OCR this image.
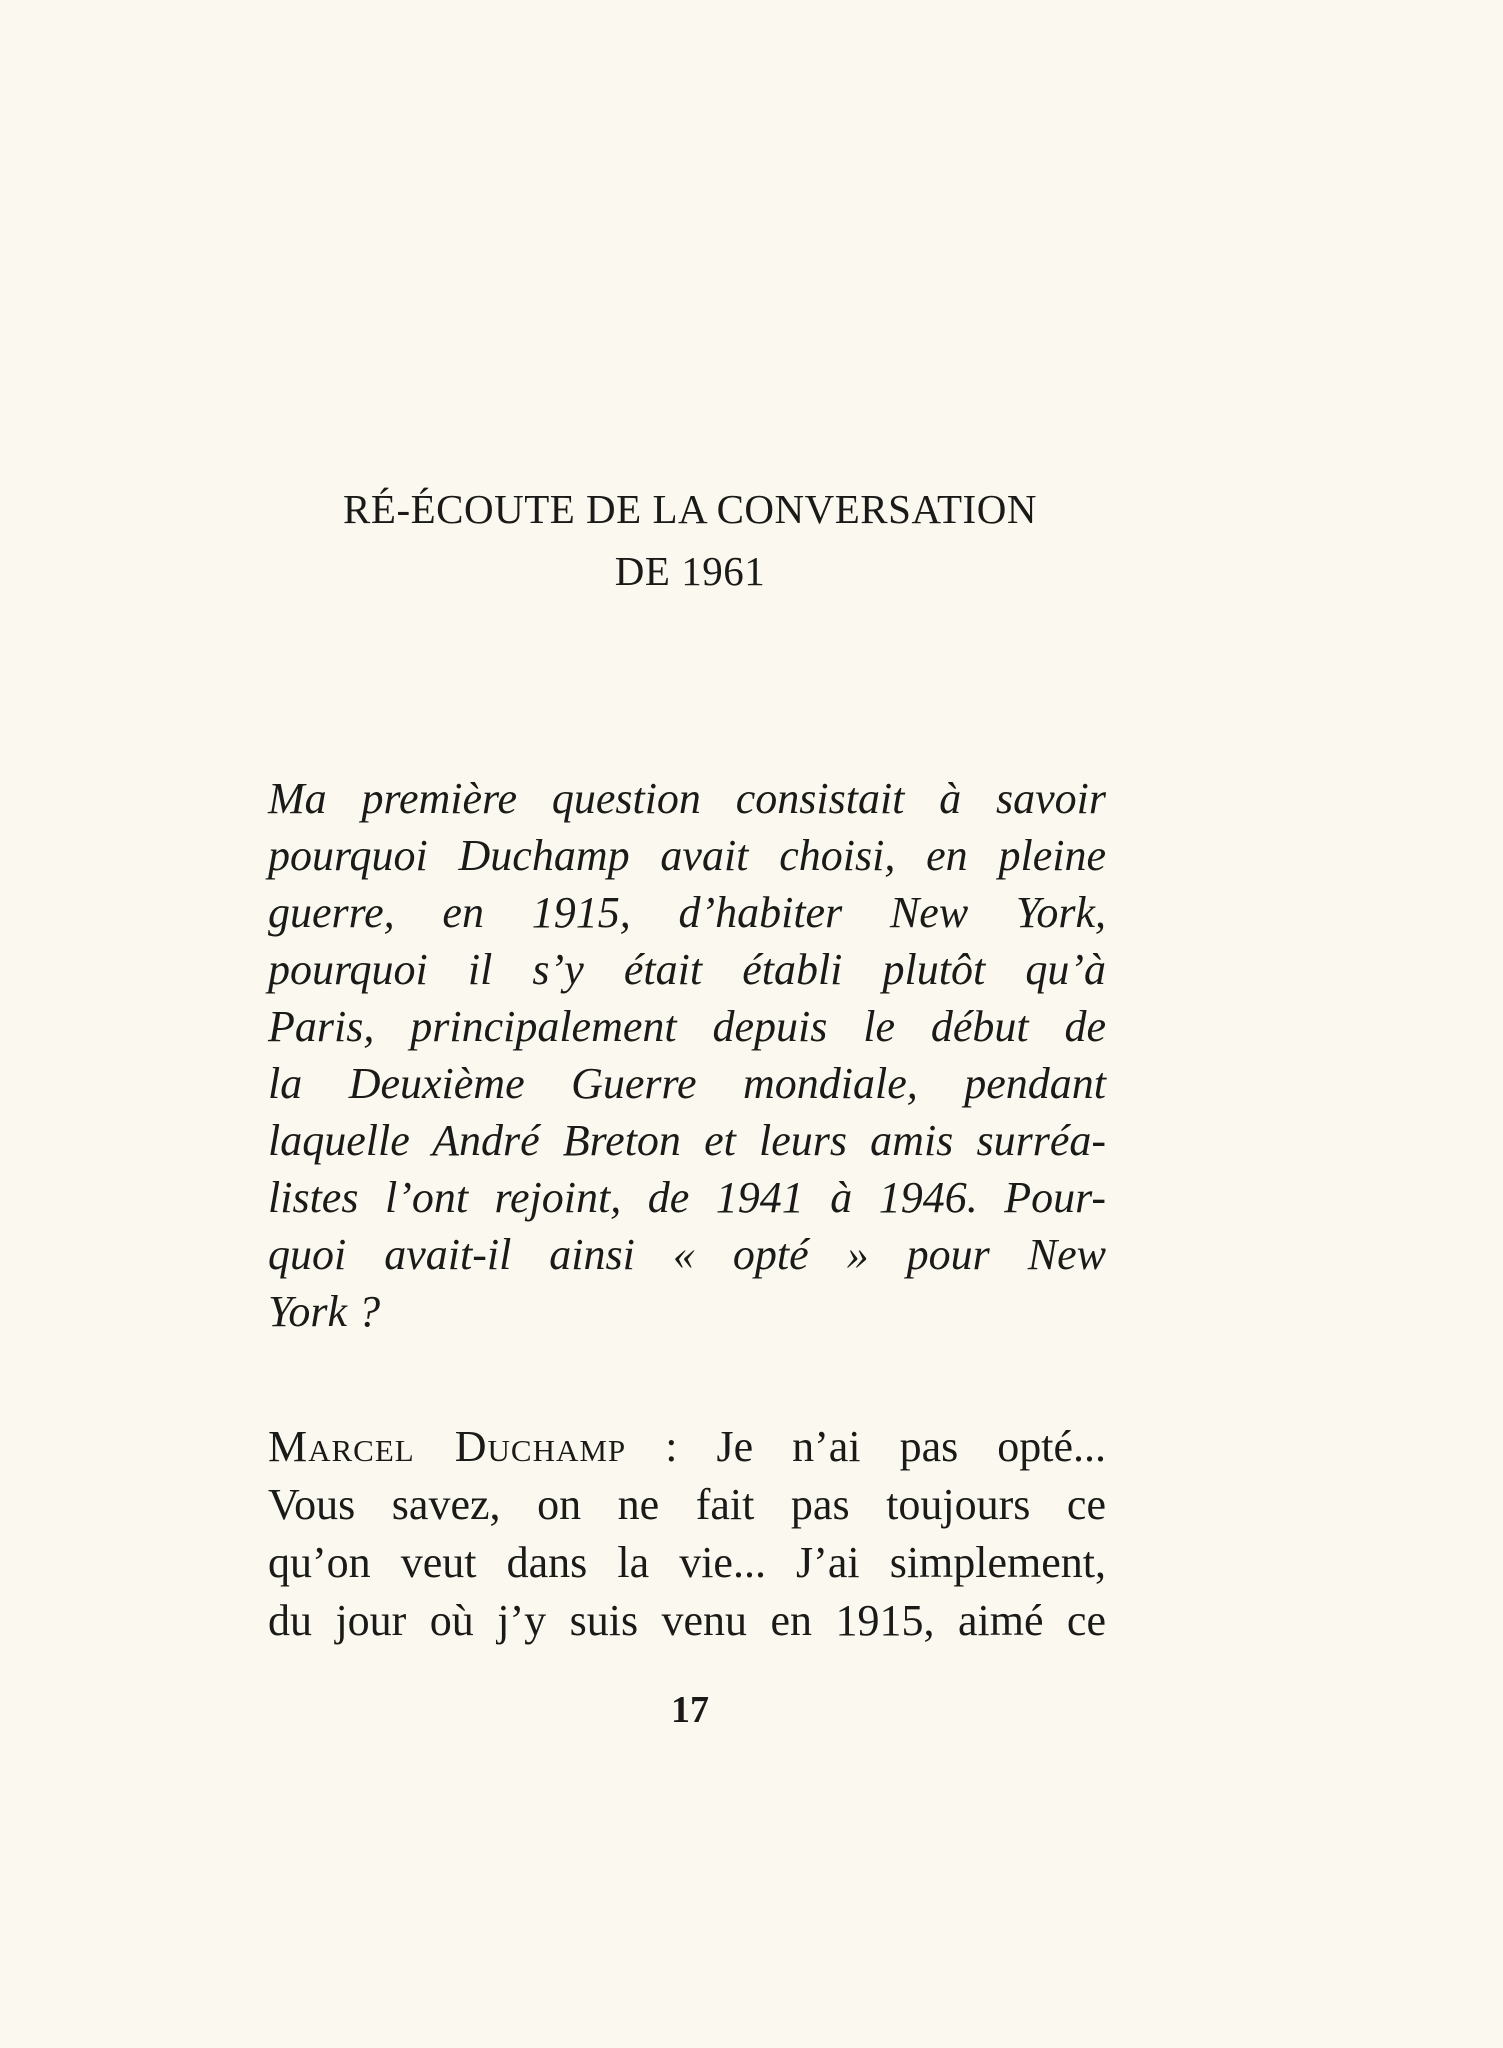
RÉ-ÉCOUTE DE LA CONVERSATION
DE 1961
Ma première question consistait à savoir
pourquoi Duchamp avait choisi, en pleine
guerre, en 1915, d’habiter New York,
pourquoi il s’y était établi plutôt qu’à
Paris, principalement depuis le début de
la Deuxième Guerre mondiale, pendant
laquelle André Breton et leurs amis surréa-
listes l’ont rejoint, de 1941 à 1946. Pour-
quoi avait-il ainsi « opté » pour New
York ?
Marcel Duchamp : Je n’ai pas opté...
Vous savez, on ne fait pas toujours ce
qu’on veut dans la vie... J’ai simplement,
du jour où j’y suis venu en 1915, aimé ce
17
